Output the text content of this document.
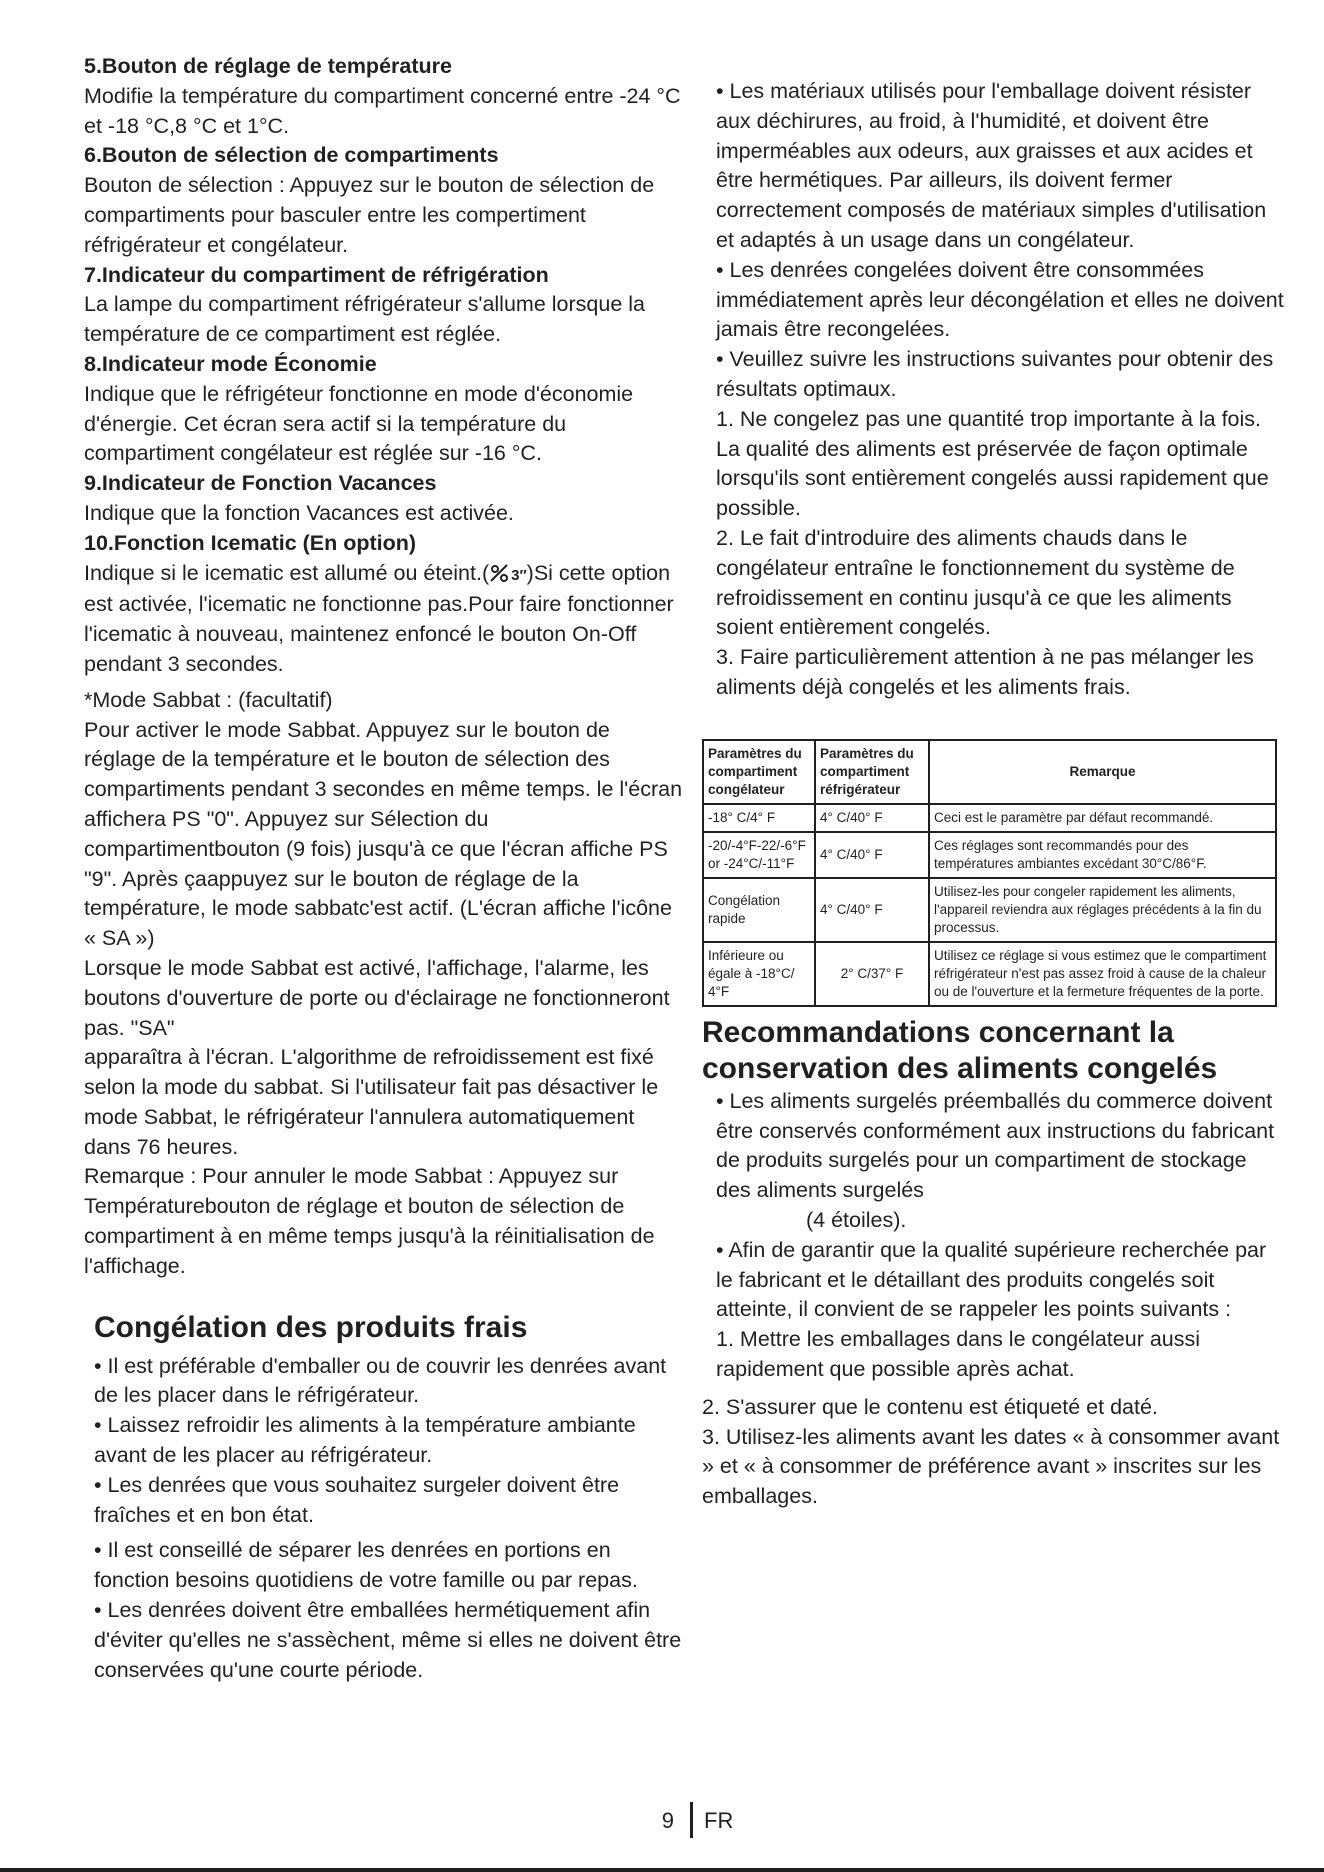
5.Bouton de réglage de température

Modifie la température du compartiment concerné entre -24 °C et -18 °C,8 °C et 1°C.

6.Bouton de sélection de compartiments

Bouton de sélection : Appuyez sur le bouton de sélection de compartiments pour basculer entre les compertiment réfrigérateur et congélateur.

7.Indicateur du compartiment de réfrigération

La lampe du compartiment réfrigérateur s'allume lorsque la température de ce compartiment est réglée.

8.Indicateur mode Économie

Indique que le réfrigéteur fonctionne en mode d'économie d'énergie. Cet écran sera actif si la température du compartiment congélateur est réglée sur -16 °C.

9.Indicateur de Fonction Vacances

Indique que la fonction Vacances est activée.

10.Fonction Icematic (En option)

Indique si le icematic est allumé ou éteint.( 3″)Si cette option est activée, l'icematic ne fonctionne pas.Pour faire fonctionner l'icematic à nouveau, maintenez enfoncé le bouton On-Off pendant 3 secondes.

*Mode Sabbat : (facultatif)

Pour activer le mode Sabbat. Appuyez sur le bouton de réglage de la température et le bouton de sélection des compartiments pendant 3 secondes en même temps. le l'écran affichera PS "0". Appuyez sur Sélection du compartimentbouton (9 fois) jusqu'à ce que l'écran affiche PS "9". Après çaappuyez sur le bouton de réglage de la température, le mode sabbatc'est actif. (L'écran affiche l'icône « SA »)

Lorsque le mode Sabbat est activé, l'affichage, l'alarme, les boutons d'ouverture de porte ou d'éclairage ne fonctionneront pas. "SA"

apparaîtra à l'écran. L'algorithme de refroidissement est fixé selon la mode du sabbat. Si l'utilisateur fait pas désactiver le mode Sabbat, le réfrigérateur l'annulera automatiquement dans 76 heures.

Remarque : Pour annuler le mode Sabbat : Appuyez sur Températurebouton de réglage et bouton de sélection de compartiment à en même temps jusqu'à la réinitialisation de l'affichage.

Congélation des produits frais

• Il est préférable d'emballer ou de couvrir les denrées avant de les placer dans le réfrigérateur.

• Laissez refroidir les aliments à la température ambiante avant de les placer au réfrigérateur.

• Les denrées que vous souhaitez surgeler doivent être fraîches et en bon état.

• Il est conseillé de séparer les denrées en portions en fonction besoins quotidiens de votre famille ou par repas.

• Les denrées doivent être emballées hermétiquement afin d'éviter qu'elles ne s'assèchent, même si elles ne doivent être conservées qu'une courte période.

• Les matériaux utilisés pour l'emballage doivent résister aux déchirures, au froid, à l'humidité, et doivent être imperméables aux odeurs, aux graisses et aux acides et être hermétiques. Par ailleurs, ils doivent fermer correctement composés de matériaux simples d'utilisation et adaptés à un usage dans un congélateur.

• Les denrées congelées doivent être consommées immédiatement après leur décongélation et elles ne doivent jamais être recongelées.

• Veuillez suivre les instructions suivantes pour obtenir des résultats optimaux.

1. Ne congelez pas une quantité trop importante à la fois. La qualité des aliments est préservée de façon optimale lorsqu'ils sont entièrement congelés aussi rapidement que possible.

2. Le fait d'introduire des aliments chauds dans le congélateur entraîne le fonctionnement du système de refroidissement en continu jusqu'à ce que les aliments soient entièrement congelés.

3. Faire particulièrement attention à ne pas mélanger les aliments déjà congelés et les aliments frais.

Paramètres du compartiment congélateur	Paramètres du compartiment réfrigérateur	Remarque
-18° C/4° F	4° C/40° F	Ceci est le paramètre par défaut recommandé.
-20/-4°F-22/-6°F or -24°C/-11°F	4° C/40° F	Ces réglages sont recommandés pour des températures ambiantes excédant 30°C/86°F.
Congélation rapide	4° C/40° F	Utilisez-les pour congeler rapidement les aliments, l'appareil reviendra aux réglages précédents à la fin du processus.
Inférieure ou égale à -18°C/ 4°F	2° C/37° F	Utilisez ce réglage si vous estimez que le compartiment réfrigérateur n'est pas assez froid à cause de la chaleur ou de l'ouverture et la fermeture fréquentes de la porte.

Recommandations concernant la conservation des aliments congelés

• Les aliments surgelés préemballés du commerce doivent être conservés conformément aux instructions du fabricant de produits surgelés pour un compartiment de stockage des aliments surgelés

(4 étoiles).

• Afin de garantir que la qualité supérieure recherchée par le fabricant et le détaillant des produits congelés soit atteinte, il convient de se rappeler les points suivants :

1. Mettre les emballages dans le congélateur aussi rapidement que possible après achat.

2. S'assurer que le contenu est étiqueté et daté.

3. Utilisez-les aliments avant les dates « à consommer avant » et « à consommer de préférence avant » inscrites sur les emballages.

9 FR
